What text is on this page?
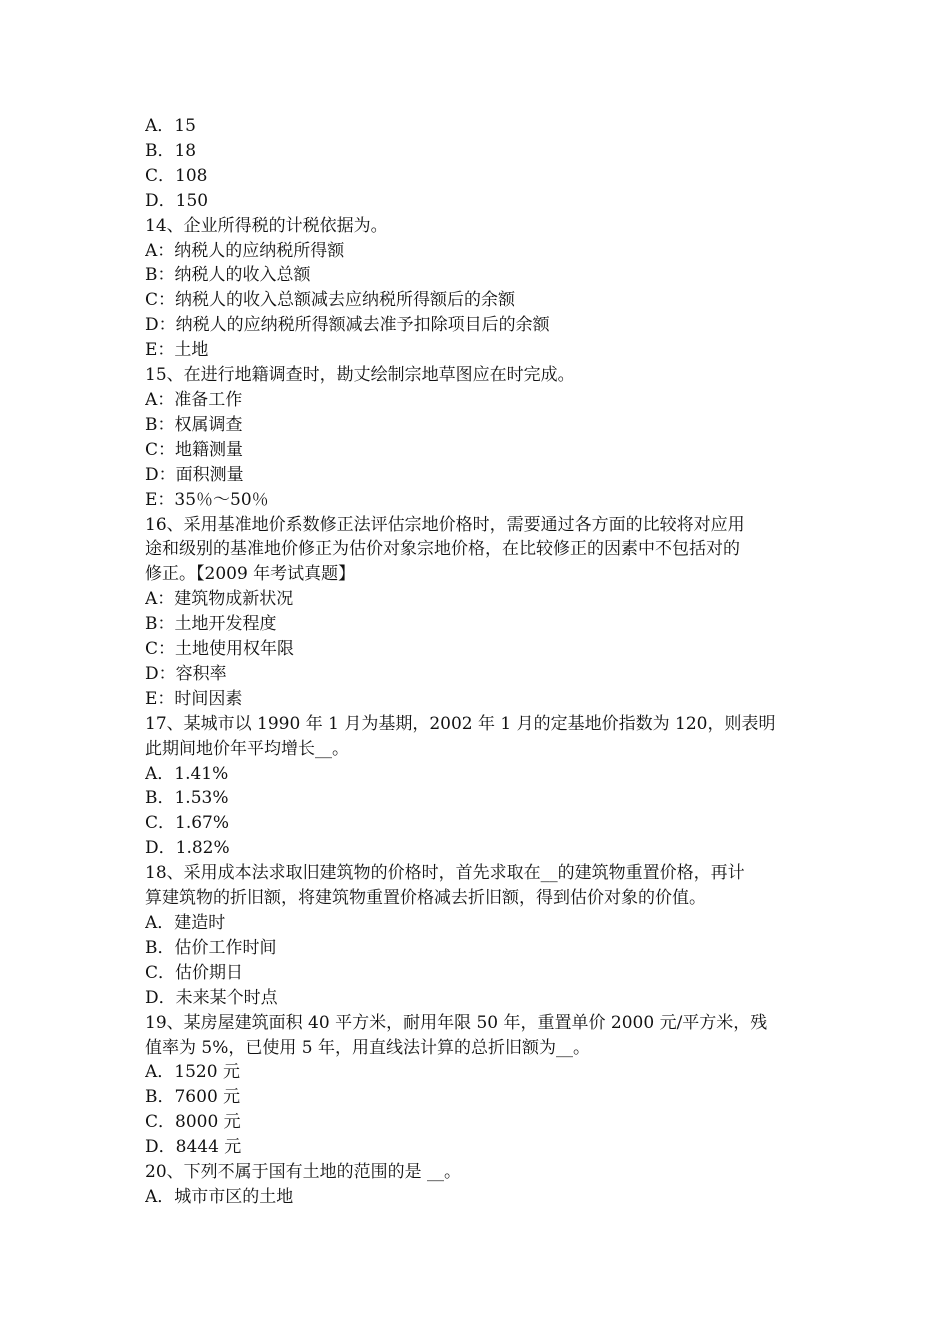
A．15
B．18
C．108
D．150
14、企业所得税的计税依据为。
A：纳税人的应纳税所得额
B：纳税人的收入总额
C：纳税人的收入总额减去应纳税所得额后的余额
D：纳税人的应纳税所得额减去准予扣除项目后的余额
E：土地
15、在进行地籍调查时，勘丈绘制宗地草图应在时完成。
A：准备工作
B：权属调查
C：地籍测量
D：面积测量
E：35％～50％
16、采用基准地价系数修正法评估宗地价格时，需要通过各方面的比较将对应用
途和级别的基准地价修正为估价对象宗地价格，在比较修正的因素中不包括对的
修正。【2009 年考试真题】
A：建筑物成新状况
B：土地开发程度
C：土地使用权年限
D：容积率
E：时间因素
17、某城市以 1990 年 1 月为基期，2002 年 1 月的定基地价指数为 120，则表明
此期间地价年平均增长__。
A．1.41%
B．1.53%
C．1.67%
D．1.82%
18、采用成本法求取旧建筑物的价格时，首先求取在__的建筑物重置价格，再计
算建筑物的折旧额，将建筑物重置价格减去折旧额，得到估价对象的价值。
A．建造时
B．估价工作时间
C．估价期日
D．未来某个时点
19、某房屋建筑面积 40 平方米，耐用年限 50 年，重置单价 2000 元/平方米，残
值率为 5%，已使用 5 年，用直线法计算的总折旧额为__。
A．1520 元
B．7600 元
C．8000 元
D．8444 元
20、下列不属于国有土地的范围的是 __。
A．城市市区的土地
